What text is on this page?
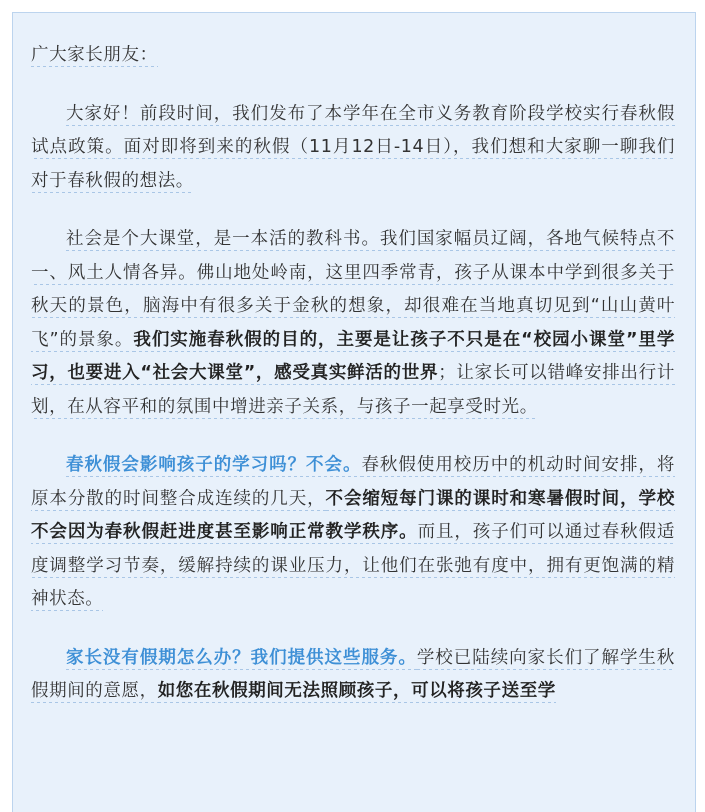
广大家长朋友：

大家好！前段时间，我们发布了本学年在全市义务教育阶段学校实行春秋假试点政策。面对即将到来的秋假（11月12日-14日），我们想和大家聊一聊我们对于春秋假的想法。

社会是个大课堂，是一本活的教科书。我们国家幅员辽阔，各地气候特点不一、风土人情各异。佛山地处岭南，这里四季常青，孩子从课本中学到很多关于秋天的景色，脑海中有很多关于金秋的想象，却很难在当地真切见到“山山黄叶飞”的景象。我们实施春秋假的目的，主要是让孩子不只是在“校园小课堂”里学习，也要进入“社会大课堂”，感受真实鲜活的世界；让家长可以错峰安排出行计划，在从容平和的氛围中增进亲子关系，与孩子一起享受时光。

春秋假会影响孩子的学习吗？不会。春秋假使用校历中的机动时间安排，将原本分散的时间整合成连续的几天，不会缩短每门课的课时和寒暑假时间，学校不会因为春秋假赶进度甚至影响正常教学秩序。而且，孩子们可以通过春秋假适度调整学习节奏，缓解持续的课业压力，让他们在张弛有度中，拥有更饱满的精神状态。

家长没有假期怎么办？我们提供这些服务。学校已陆续向家长们了解学生秋假期间的意愿，如您在秋假期间无法照顾孩子，可以将孩子送至学
